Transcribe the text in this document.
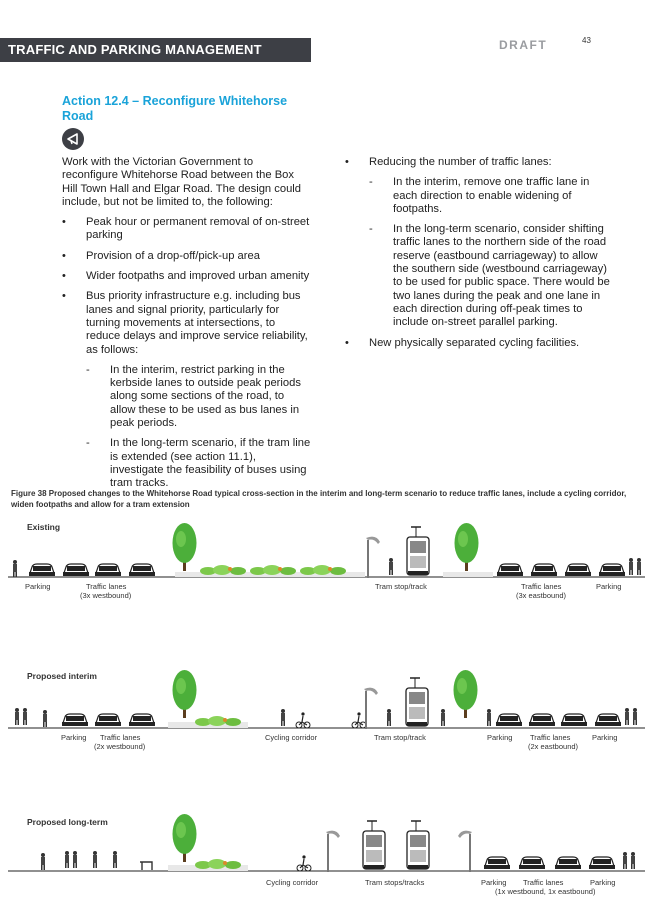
TRAFFIC AND PARKING MANAGEMENT	DRAFT	43
Action 12.4 – Reconfigure Whitehorse Road

Work with the Victorian Government to reconfigure Whitehorse Road between the Box Hill Town Hall and Elgar Road. The design could include, but not be limited to, the following:

• Peak hour or permanent removal of on-street parking
• Provision of a drop-off/pick-up area
• Wider footpaths and improved urban amenity
• Bus priority infrastructure e.g. including bus lanes and signal priority, particularly for turning movements at intersections, to reduce delays and improve service reliability, as follows:
- In the interim, restrict parking in the kerbside lanes to outside peak periods along some sections of the road, to allow these to be used as bus lanes in peak periods.
- In the long-term scenario, if the tram line is extended (see action 11.1), investigate the feasibility of buses using tram tracks.
• Reducing the number of traffic lanes:
- In the interim, remove one traffic lane in each direction to enable widening of footpaths.
- In the long-term scenario, consider shifting traffic lanes to the northern side of the road reserve (eastbound carriageway) to allow the southern side (westbound carriageway) to be used for public space. There would be two lanes during the peak and one lane in each direction during off-peak times to include on-street parallel parking.
• New physically separated cycling facilities.
Figure 38 Proposed changes to the Whitehorse Road typical cross-section in the interim and long-term scenario to reduce traffic lanes, include a cycling corridor, widen footpaths and allow for a tram extension
Existing
Proposed interim
Proposed long-term
Parking	Traffic lanes
(3x westbound)
Tram stop/track	Traffic lanes
(3x eastbound)
Parking
Parking Traffic lanes
(2x westbound)
Cycling corridor	Tram stop/track	Parking Traffic lanes
(2x eastbound)
Parking
Cycling corridor	Tram stops/tracks	Parking Traffic lanes
(1x westbound, 1x eastbound)
Parking
